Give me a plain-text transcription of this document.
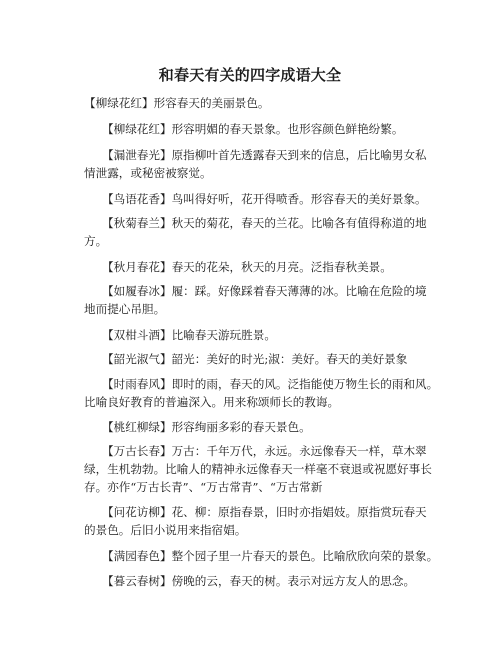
和春天有关的四字成语大全
【柳绿花红】形容春天的美丽景色。
【柳绿花红】形容明媚的春天景象。也形容颜色鲜艳纷繁。
【漏泄春光】原指柳叶首先透露春天到来的信息，后比喻男女私
情泄露，或秘密被察觉。
【鸟语花香】鸟叫得好听，花开得喷香。形容春天的美好景象。
【秋菊春兰】秋天的菊花，春天的兰花。比喻各有值得称道的地
方。
【秋月春花】春天的花朵，秋天的月亮。泛指春秋美景。
【如履春冰】履：踩。好像踩着春天薄薄的冰。比喻在危险的境
地而提心吊胆。
【双柑斗酒】比喻春天游玩胜景。
【韶光淑气】韶光：美好的时光;淑：美好。春天的美好景象
【时雨春风】即时的雨，春天的风。泛指能使万物生长的雨和风。
比喻良好教育的普遍深入。用来称颂师长的教诲。
【桃红柳绿】形容绚丽多彩的春天景色。
【万古长春】万古：千年万代，永远。永远像春天一样，草木翠
绿，生机勃勃。比喻人的精神永远像春天一样毫不衰退或祝愿好事长
存。亦作“万古长青”、“万古常青”、“万古常新
【问花访柳】花、柳：原指春景，旧时亦指娼妓。原指赏玩春天
的景色。后旧小说用来指宿娼。
【满园春色】整个园子里一片春天的景色。比喻欣欣向荣的景象。
【暮云春树】傍晚的云，春天的树。表示对远方友人的思念。
